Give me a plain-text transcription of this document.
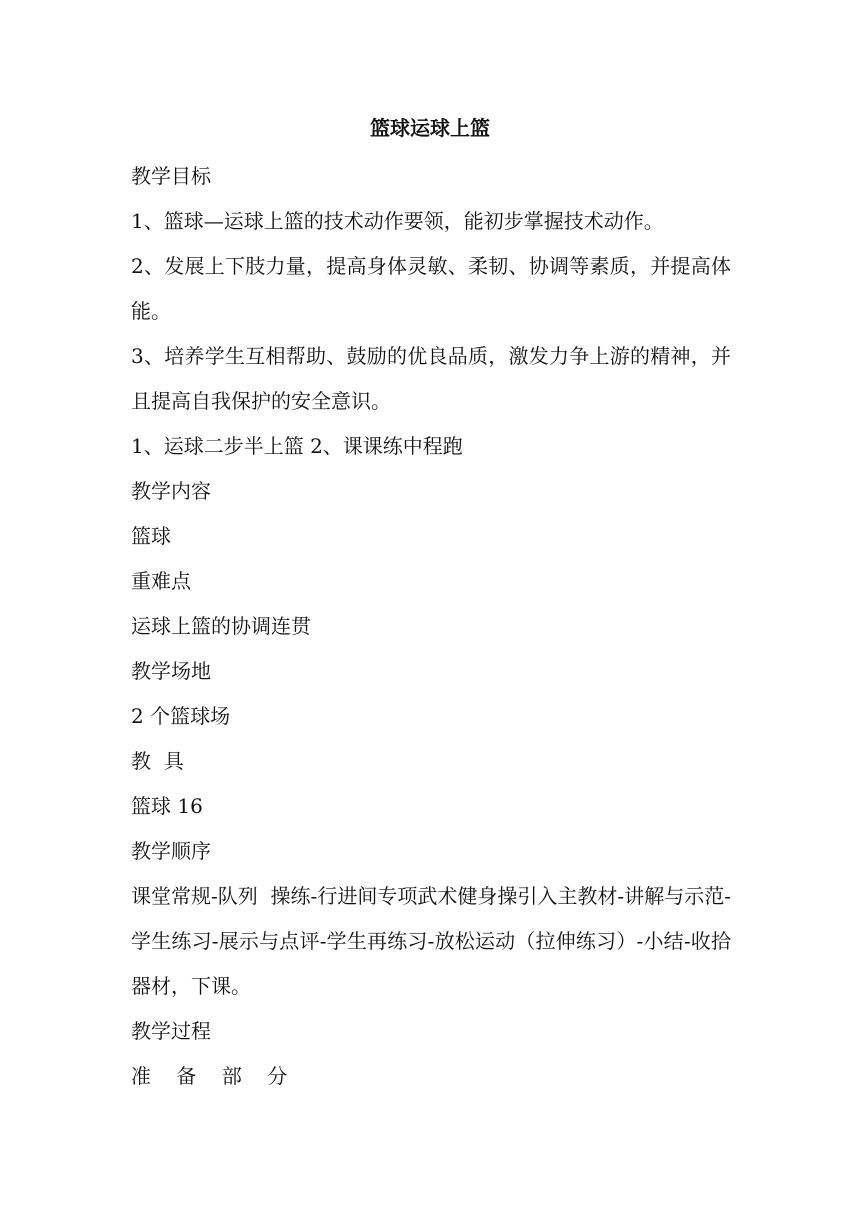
篮球运球上篮

教学目标

1、篮球—运球上篮的技术动作要领，能初步掌握技术动作。

2、发展上下肢力量，提高身体灵敏、柔韧、协调等素质，并提高体能。

3、培养学生互相帮助、鼓励的优良品质，激发力争上游的精神，并且提高自我保护的安全意识。

1、运球二步半上篮 2、课课练中程跑

教学内容

篮球

重难点

运球上篮的协调连贯

教学场地

2 个篮球场

教  具

篮球 16

教学顺序

课堂常规-队列  操练-行进间专项武术健身操引入主教材-讲解与示范-学生练习-展示与点评-学生再练习-放松运动（拉伸练习）-小结-收拾器材，下课。

教学过程

准    备    部    分
